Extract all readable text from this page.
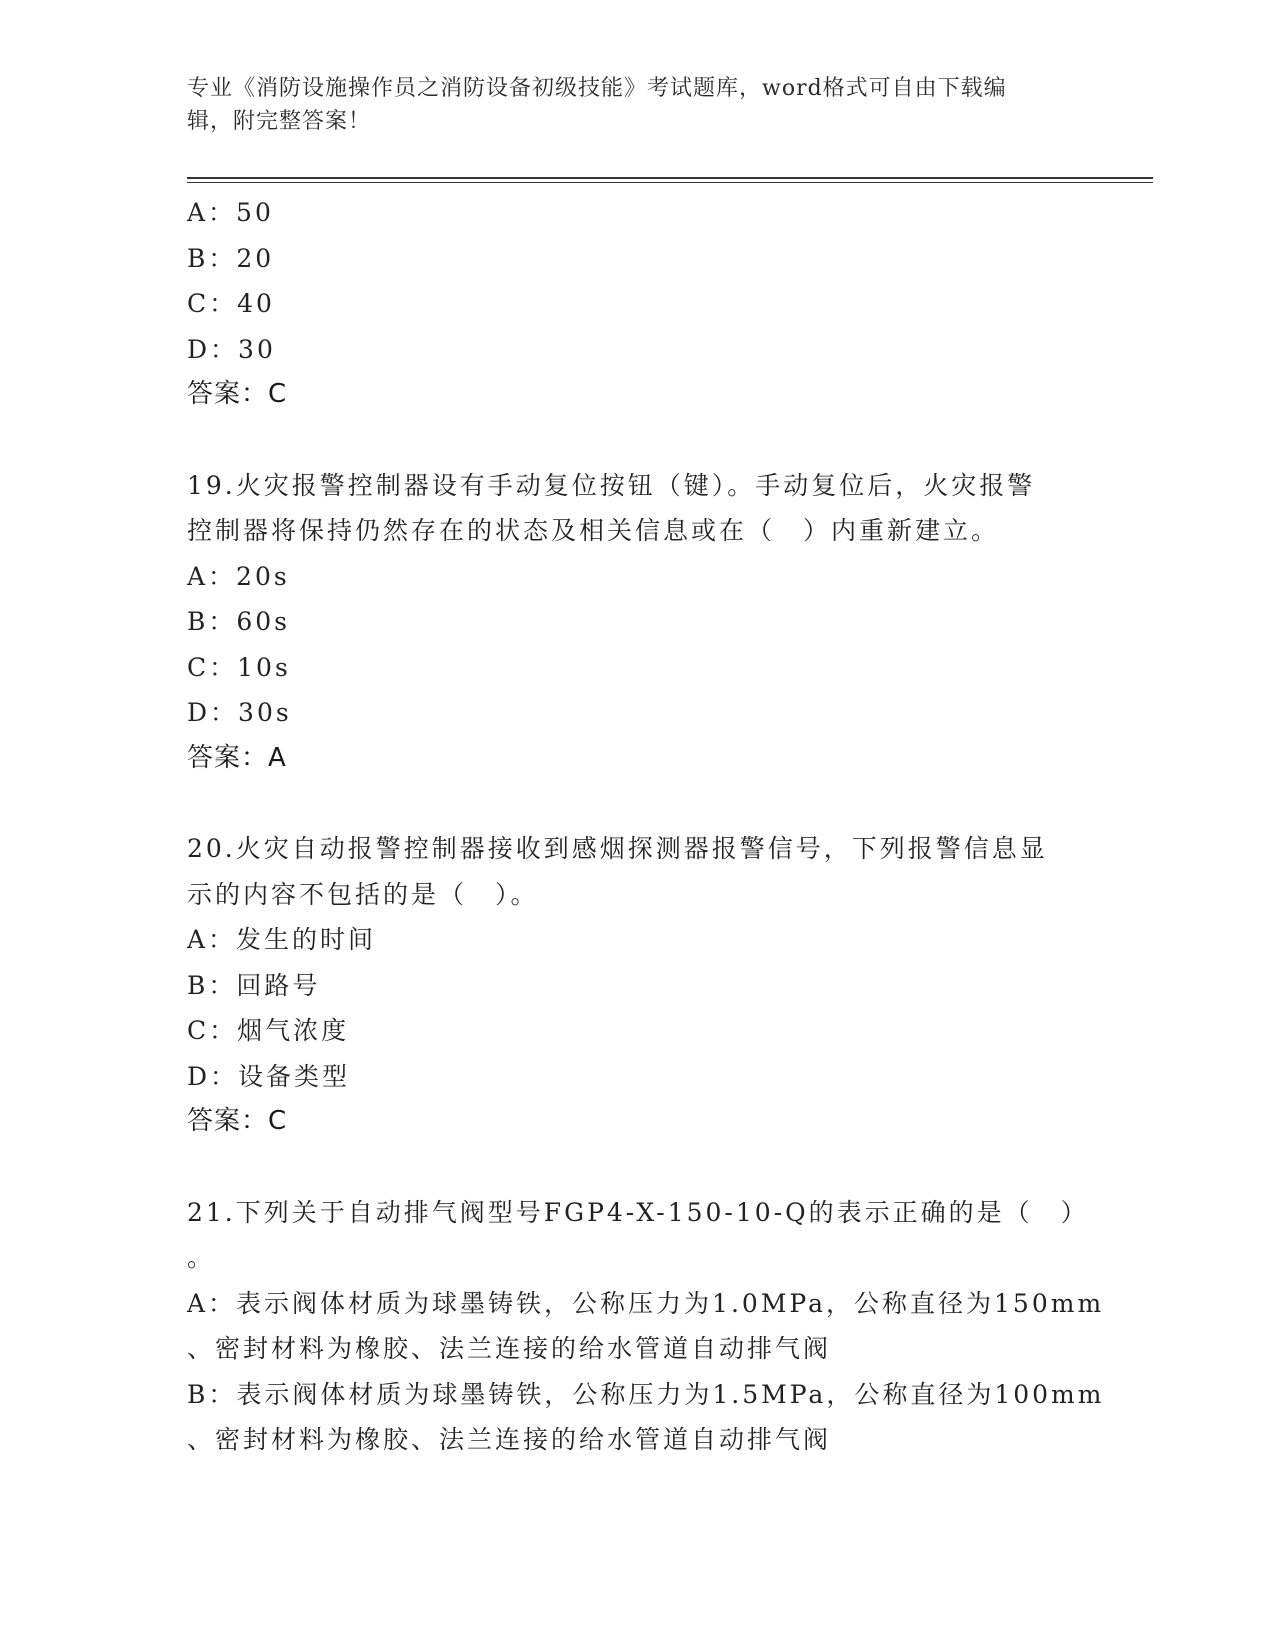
专业《消防设施操作员之消防设备初级技能》考试题库，word格式可自由下载编
辑，附完整答案！
A：50
B：20
C：40
D：30
答案：C
19.火灾报警控制器设有手动复位按钮（键）。手动复位后，火灾报警
控制器将保持仍然存在的状态及相关信息或在（　）内重新建立。
A：20s
B：60s
C：10s
D：30s
答案：A
20.火灾自动报警控制器接收到感烟探测器报警信号，下列报警信息显
示的内容不包括的是（　）。
A：发生的时间
B：回路号
C：烟气浓度
D：设备类型
答案：C
21.下列关于自动排气阀型号FGP4-X-150-10-Q的表示正确的是（　）
。
A：表示阀体材质为球墨铸铁，公称压力为1.0MPa，公称直径为150mm
、密封材料为橡胶、法兰连接的给水管道自动排气阀
B：表示阀体材质为球墨铸铁，公称压力为1.5MPa，公称直径为100mm
、密封材料为橡胶、法兰连接的给水管道自动排气阀
